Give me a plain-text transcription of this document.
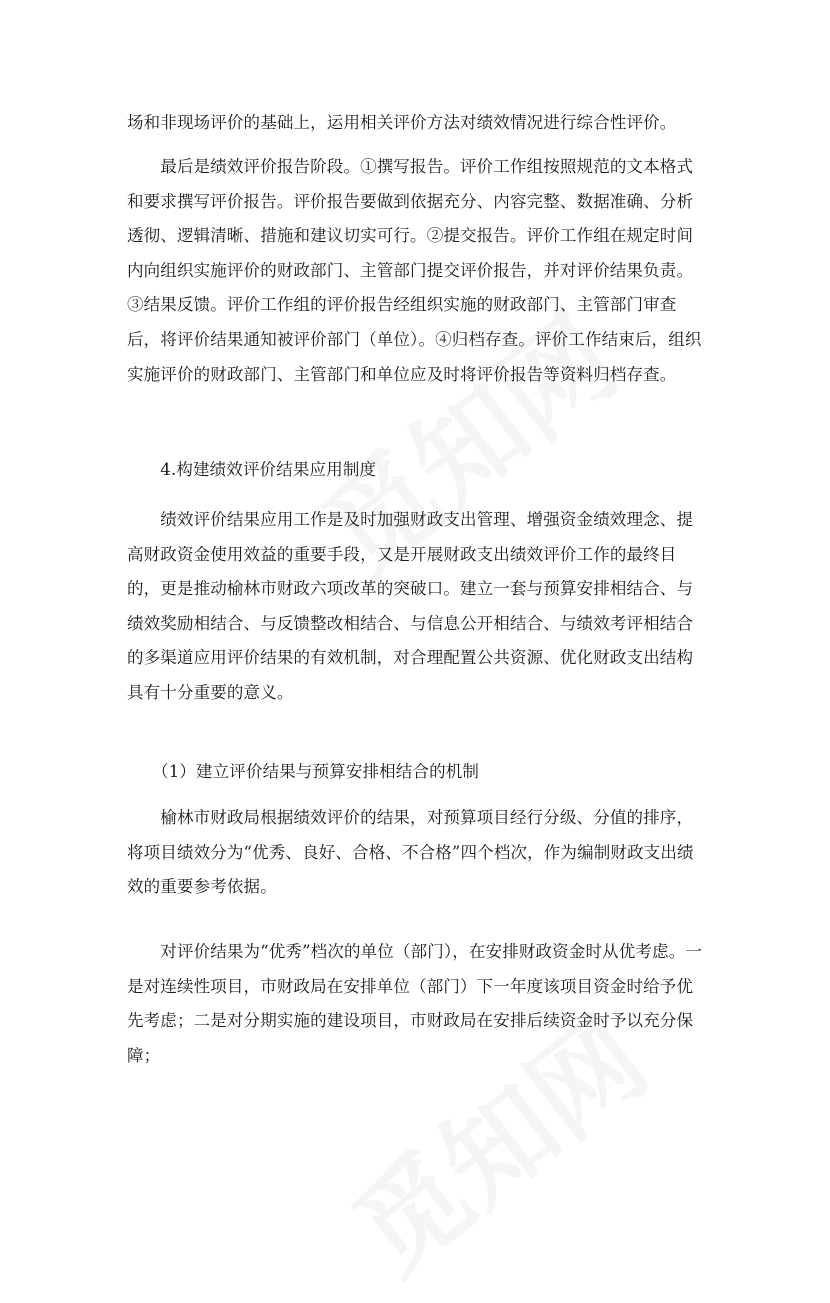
场和非现场评价的基础上，运用相关评价方法对绩效情况进行综合性评价。

　　最后是绩效评价报告阶段。①撰写报告。评价工作组按照规范的文本格式和要求撰写评价报告。评价报告要做到依据充分、内容完整、数据准确、分析透彻、逻辑清晰、措施和建议切实可行。②提交报告。评价工作组在规定时间内向组织实施评价的财政部门、主管部门提交评价报告，并对评价结果负责。③结果反馈。评价工作组的评价报告经组织实施的财政部门、主管部门审查后，将评价结果通知被评价部门（单位）。④归档存查。评价工作结束后，组织实施评价的财政部门、主管部门和单位应及时将评价报告等资料归档存查。

　　4.构建绩效评价结果应用制度

　　绩效评价结果应用工作是及时加强财政支出管理、增强资金绩效理念、提高财政资金使用效益的重要手段，又是开展财政支出绩效评价工作的最终目的，更是推动榆林市财政六项改革的突破口。建立一套与预算安排相结合、与绩效奖励相结合、与反馈整改相结合、与信息公开相结合、与绩效考评相结合的多渠道应用评价结果的有效机制，对合理配置公共资源、优化财政支出结构具有十分重要的意义。

　　（1）建立评价结果与预算安排相结合的机制

　　榆林市财政局根据绩效评价的结果，对预算项目经行分级、分值的排序，将项目绩效分为“优秀、良好、合格、不合格”四个档次，作为编制财政支出绩效的重要参考依据。

　　对评价结果为“优秀”档次的单位（部门），在安排财政资金时从优考虑。一是对连续性项目，市财政局在安排单位（部门）下一年度该项目资金时给予优先考虑；二是对分期实施的建设项目，市财政局在安排后续资金时予以充分保障；
